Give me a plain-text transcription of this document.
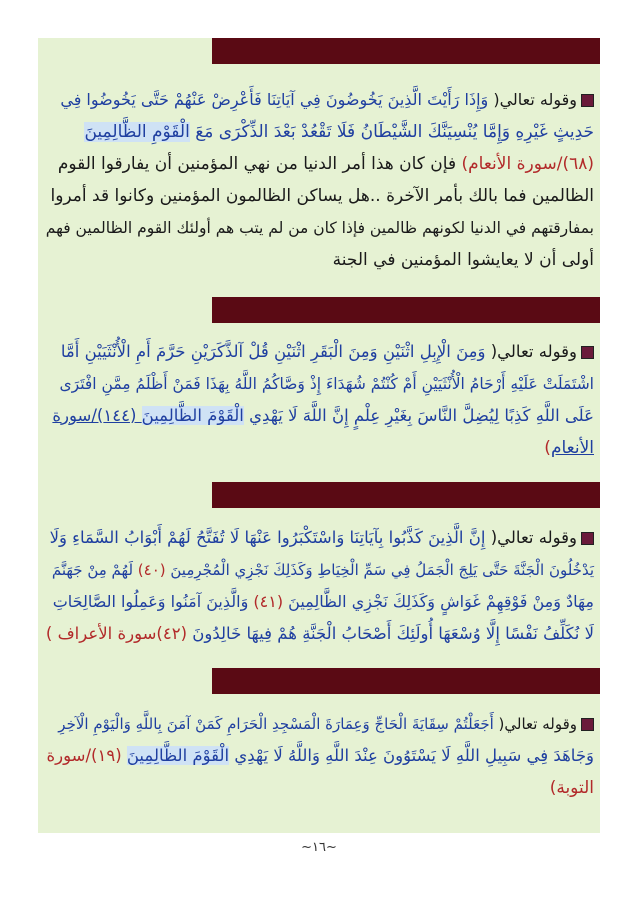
وقوله تعالي( وَإِذَا رَأَيْتَ الَّذِينَ يَخُوضُونَ فِي آيَاتِنَا فَأَعْرِضْ عَنْهُمْ حَتَّى يَخُوضُوا فِي
حَدِيثٍ غَيْرِهِ وَإِمَّا يُنْسِيَنَّكَ الشَّيْطَانُ فَلَا تَقْعُدْ بَعْدَ الذِّكْرَى مَعَ الْقَوْمِ الظَّالِمِينَ
(٦٨)/سورة الأنعام) فإن كان هذا أمر الدنيا من نهي المؤمنين أن يفارقوا القوم
الظالمين فما بالك بأمر الآخرة ..هل يساكن الظالمون المؤمنين وكانوا قد أمروا
بمفارقتهم في الدنيا لكونهم ظالمين فإذا كان من لم يتب هم أولئك القوم الظالمين فهم
أولى أن لا يعايشوا المؤمنين في الجنة
وقوله تعالي( وَمِنَ الْإِبِلِ اثْنَيْنِ وَمِنَ الْبَقَرِ اثْنَيْنِ قُلْ آلذَّكَرَيْنِ حَرَّمَ أَمِ الْأُنْثَيَيْنِ أَمَّا
اشْتَمَلَتْ عَلَيْهِ أَرْحَامُ الْأُنْثَيَيْنِ أَمْ كُنْتُمْ شُهَدَاءَ إِذْ وَصَّاكُمُ اللَّهُ بِهَذَا فَمَنْ أَظْلَمُ مِمَّنِ افْتَرَى
عَلَى اللَّهِ كَذِبًا لِيُضِلَّ النَّاسَ بِغَيْرِ عِلْمٍ إِنَّ اللَّهَ لَا يَهْدِي الْقَوْمَ الظَّالِمِينَ (١٤٤)/سورة
الأنعام)
وقوله تعالي( إِنَّ الَّذِينَ كَذَّبُوا بِآيَاتِنَا وَاسْتَكْبَرُوا عَنْهَا لَا تُفَتَّحُ لَهُمْ أَبْوَابُ السَّمَاءِ وَلَا
يَدْخُلُونَ الْجَنَّةَ حَتَّى يَلِجَ الْجَمَلُ فِي سَمِّ الْخِيَاطِ وَكَذَلِكَ نَجْزِي الْمُجْرِمِينَ (٤٠) لَهُمْ مِنْ جَهَنَّمَ
مِهَادٌ وَمِنْ فَوْقِهِمْ غَوَاشٍ وَكَذَلِكَ نَجْزِي الظَّالِمِينَ (٤١) وَالَّذِينَ آمَنُوا وَعَمِلُوا الصَّالِحَاتِ
لَا نُكَلِّفُ نَفْسًا إِلَّا وُسْعَهَا أُولَئِكَ أَصْحَابُ الْجَنَّةِ هُمْ فِيهَا خَالِدُونَ (٤٢)سورة الأعراف )
وقوله تعالي( أَجَعَلْتُمْ سِقَايَةَ الْحَاجِّ وَعِمَارَةَ الْمَسْجِدِ الْحَرَامِ كَمَنْ آمَنَ بِاللَّهِ وَالْيَوْمِ الْآخِرِ
وَجَاهَدَ فِي سَبِيلِ اللَّهِ لَا يَسْتَوُونَ عِنْدَ اللَّهِ وَاللَّهُ لَا يَهْدِي الْقَوْمَ الظَّالِمِينَ (١٩)/سورة
التوبة)
~١٦~
